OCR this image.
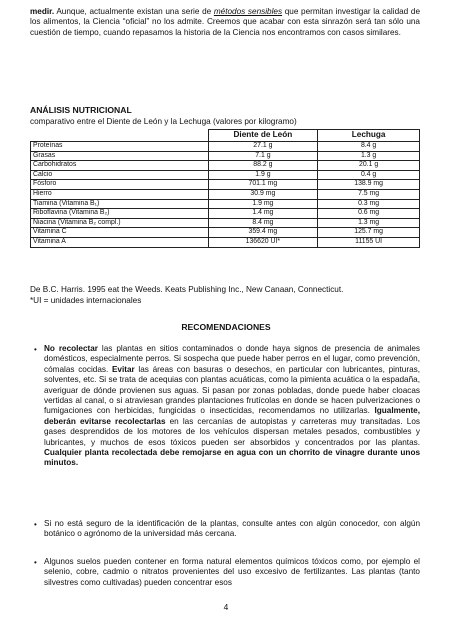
medir. Aunque, actualmente existan una serie de métodos sensibles que permitan investigar la calidad de los alimentos, la Ciencia “oficial” no los admite. Creemos que acabar con esta sinrazón será tan sólo una cuestión de tiempo, cuando repasamos la historia de la Ciencia nos encontramos con casos similares.

ANÁLISIS NUTRICIONAL
comparativo entre el Diente de León y la Lechuga (valores por kilogramo)
	Diente de León	Lechuga
Proteínas	27.1 g	8.4 g
Grasas	7.1 g	1.3 g
Carbohidratos	88.2 g	20.1 g
Calcio	1.9 g	0.4 g
Fósforo	701.1 mg	138.9 mg
Hierro	30.9 mg	7.5 mg
Tiamina (Vitamina B₁)	1.9 mg	0.3 mg
Riboflavina (Vitamina B₂)	1.4 mg	0.6 mg
Niacina (Vitamina B₂ compl.)	8.4 mg	1.3 mg
Vitamina C	359.4 mg	125.7 mg
Vitamina A	136620 UI*	11155 UI

De B.C. Harris. 1995 eat the Weeds. Keats Publishing Inc., New Canaan, Connecticut.

*UI = unidades internacionales

RECOMENDACIONES
• No recolectar las plantas en sitios contaminados o donde haya signos de presencia de animales domésticos, especialmente perros. Si sospecha que puede haber perros en el lugar, como prevención, cómalas cocidas. Evitar las áreas con basuras o desechos, en particular con lubricantes, pinturas, solventes, etc. Si se trata de acequias con plantas acuáticas, como la pimienta acuática o la espadaña, averiguar de dónde provienen sus aguas. Si pasan por zonas pobladas, donde puede haber cloacas vertidas al canal, o si atraviesan grandes plantaciones frutícolas en donde se hacen pulverizaciones o fumigaciones con herbicidas, fungicidas o insecticidas, recomendamos no utilizarlas. Igualmente, deberán evitarse recolectarlas en las cercanías de autopistas y carreteras muy transitadas. Los gases desprendidos de los motores de los vehículos dispersan metales pesados, combustibles y lubricantes, y muchos de esos tóxicos pueden ser absorbidos y concentrados por las plantas. Cualquier planta recolectada debe remojarse en agua con un chorrito de vinagre durante unos minutos.

• Si no está seguro de la identificación de la plantas, consulte antes con algún conocedor, con algún botánico o agrónomo de la universidad más cercana.

• Algunos suelos pueden contener en forma natural elementos químicos tóxicos como, por ejemplo el selenio, cobre, cadmio o nitratos provenientes del uso excesivo de fertilizantes. Las plantas (tanto silvestres como cultivadas) pueden concentrar esos

4
